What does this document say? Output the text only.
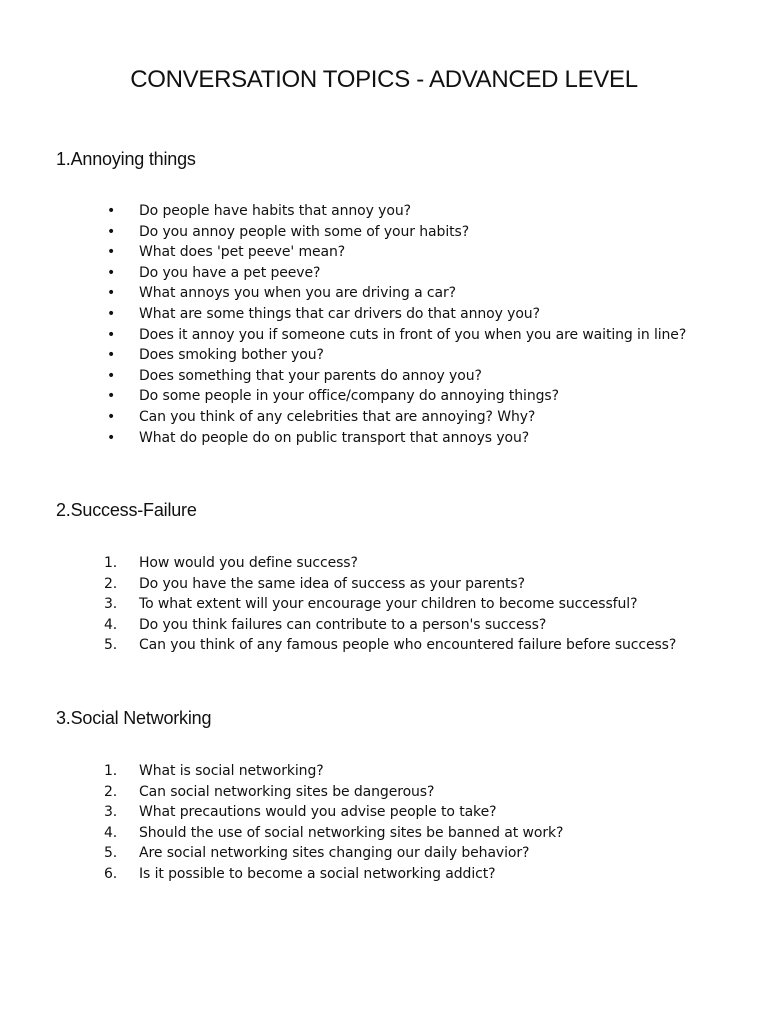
CONVERSATION TOPICS - ADVANCED LEVEL
1.Annoying things
•	Do people have habits that annoy you?
•	Do you annoy people with some of your habits?
•	What does 'pet peeve' mean?
•	Do you have a pet peeve?
•	What annoys you when you are driving a car?
•	What are some things that car drivers do that annoy you?
•	Does it annoy you if someone cuts in front of you when you are waiting in line?
•	Does smoking bother you?
•	Does something that your parents do annoy you?
•	Do some people in your office/company do annoying things?
•	Can you think of any celebrities that are annoying? Why?
•	What do people do on public transport that annoys you?
2.Success-Failure
1.	How would you define success?
2.	Do you have the same idea of success as your parents?
3.	To what extent will your encourage your children to become successful?
4.	Do you think failures can contribute to a person's success?
5.	Can you think of any famous people who encountered failure before success?
3.Social Networking
1.	What is social networking?
2.	Can social networking sites be dangerous?
3.	What precautions would you advise people to take?
4.	Should the use of social networking sites be banned at work?
5.	Are social networking sites changing our daily behavior?
6.	Is it possible to become a social networking addict?
